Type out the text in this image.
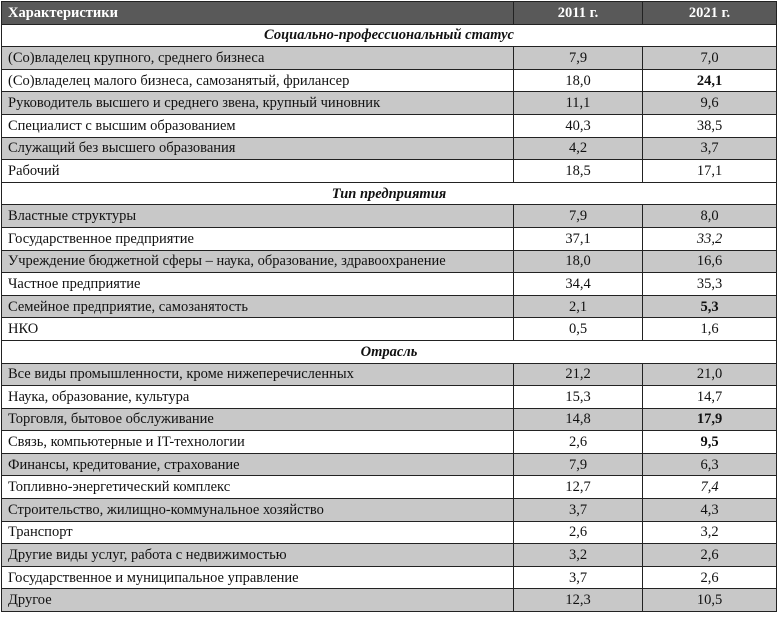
Характеристики	2011 г.	2021 г.
Социально-профессиональный статус		
(Со)владелец крупного, среднего бизнеса	7,9	7,0
(Со)владелец малого бизнеса, самозанятый, фрилансер	18,0	24,1
Руководитель высшего и среднего звена, крупный чиновник	11,1	9,6
Специалист с высшим образованием	40,3	38,5
Служащий без высшего образования	4,2	3,7
Рабочий	18,5	17,1
Тип предприятия		
Властные структуры	7,9	8,0
Государственное предприятие	37,1	33,2
Учреждение бюджетной сферы – наука, образование, здравоохранение	18,0	16,6
Частное предприятие	34,4	35,3
Семейное предприятие, самозанятость	2,1	5,3
НКО	0,5	1,6
Отрасль		
Все виды промышленности, кроме нижеперечисленных	21,2	21,0
Наука, образование, культура	15,3	14,7
Торговля, бытовое обслуживание	14,8	17,9
Связь, компьютерные и IT-технологии	2,6	9,5
Финансы, кредитование, страхование	7,9	6,3
Топливно-энергетический комплекс	12,7	7,4
Строительство, жилищно-коммунальное хозяйство	3,7	4,3
Транспорт	2,6	3,2
Другие виды услуг, работа с недвижимостью	3,2	2,6
Государственное и муниципальное управление	3,7	2,6
Другое	12,3	10,5
